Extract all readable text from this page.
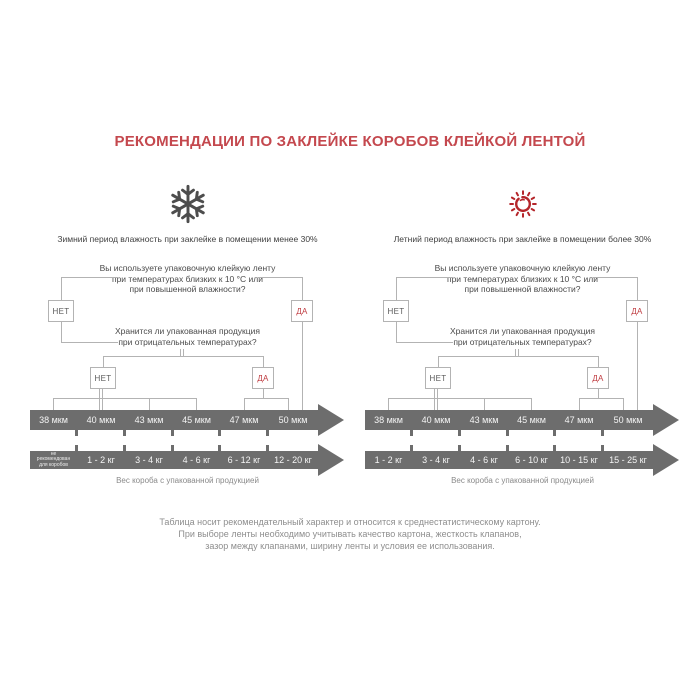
РЕКОМЕНДАЦИИ ПО ЗАКЛЕЙКЕ КОРОБОВ КЛЕЙКОЙ ЛЕНТОЙ
Зимний период влажность при заклейке в помещении менее 30%
Вы используете упаковочную клейкую ленту
при температурах близких к 10 °С или
при повышенной влажности?
НЕТ	ДА
Хранится ли упакованная продукция
при отрицательных температурах?
НЕТ	ДА
38 мкм	40 мкм	43 мкм	45 мкм	47 мкм	50 мкм
не рекомендован для коробов	1 - 2 кг	3 - 4 кг	4 - 6 кг	6 - 12 кг	12 - 20 кг
Вес короба с упакованной продукцией
Летний период влажность при заклейке в помещении более 30%
Вы используете упаковочную клейкую ленту
при температурах близких к 10 °С или
при повышенной влажности?
НЕТ	ДА
Хранится ли упакованная продукция
при отрицательных температурах?
НЕТ	ДА
38 мкм	40 мкм	43 мкм	45 мкм	47 мкм	50 мкм
1 - 2 кг	3 - 4 кг	4 - 6 кг	6 - 10 кг	10 - 15 кг	15 - 25 кг
Вес короба с упакованной продукцией
Таблица носит рекомендательный характер и относится к среднестатистическому картону.
При выборе ленты необходимо учитывать качество картона, жесткость клапанов,
зазор между клапанами, ширину ленты и условия ее использования.
